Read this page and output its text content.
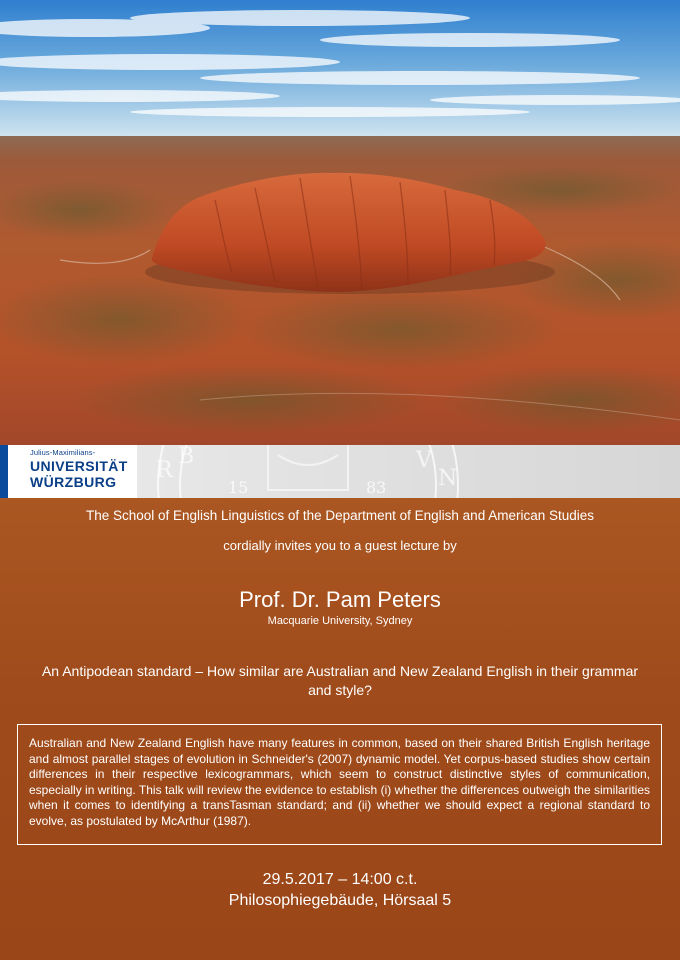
Julius-Maximilians-
UNIVERSITÄT
WÜRZBURG R
B	V
N
15	83
The School of English Linguistics of the Department of English and American Studies
cordially invites you to a guest lecture by
Prof. Dr. Pam Peters
Macquarie University, Sydney
An Antipodean standard – How similar are Australian and New Zealand English in their grammar and style?
Australian and New Zealand English have many features in common, based on their shared British English heritage and almost parallel stages of evolution in Schneider's (2007) dynamic model. Yet corpus-based studies show certain differences in their respective lexicogrammars, which seem to construct distinctive styles of communication, especially in writing. This talk will review the evidence to establish (i) whether the differences outweigh the similarities when it comes to identifying a transTasman standard; and (ii) whether we should expect a regional standard to evolve, as postulated by McArthur (1987).
29.5.2017 – 14:00 c.t.
Philosophiegebäude, Hörsaal 5
